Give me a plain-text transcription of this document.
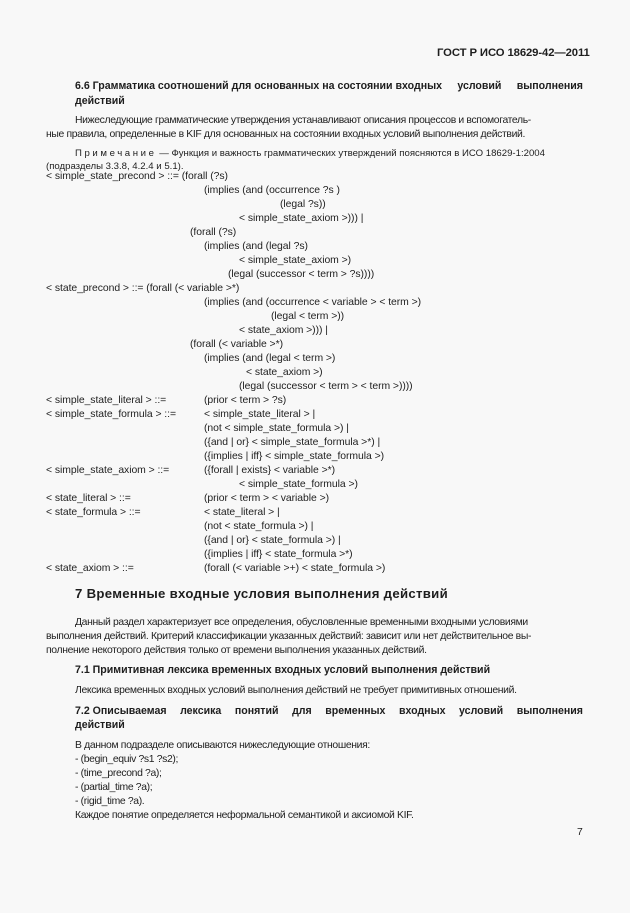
ГОСТ Р ИСО 18629-42—2011
6.6 Грамматика соотношений для основанных на состоянии входных условий выполнения
действий
Нижеследующие грамматические утверждения устанавливают описания процессов и вспомогатель-
ные правила, определенные в KIF для основанных на состоянии входных условий выполнения действий.
Примечание — Функция и важность грамматических утверждений поясняются в ИСО 18629-1:2004
(подразделы 3.3.8, 4.2.4 и 5.1).
< simple_state_precond > ::= (forall (?s)
(implies (and (occurrence ?s )
(legal ?s))
< simple_state_axiom >))) |
(forall (?s)
(implies (and (legal ?s)
< simple_state_axiom >)
(legal (successor < term > ?s))))
< state_precond > ::= (forall (< variable >*)
(implies (and (occurrence < variable > < term >)
(legal < term >))
< state_axiom >))) |
(forall (< variable >*)
(implies (and (legal < term >)
< state_axiom >)
(legal (successor < term > < term >))))
< simple_state_literal > ::=	(prior < term > ?s)
< simple_state_formula > ::=	< simple_state_literal > |
(not < simple_state_formula >) |
({and | or} < simple_state_formula >*) |
({implies | iff} < simple_state_formula >)
< simple_state_axiom > ::=	({forall | exists} < variable >*)
< simple_state_formula >)
< state_literal > ::=	(prior < term > < variable >)
< state_formula > ::=	< state_literal > |
(not < state_formula >) |
({and | or} < state_formula >) |
({implies | iff} < state_formula >*)
< state_axiom > ::=	(forall (< variable >+) < state_formula >)
7 Временные входные условия выполнения действий
Данный раздел характеризует все определения, обусловленные временными входными условиями
выполнения действий. Критерий классификации указанных действий: зависит или нет действительное вы-
полнение некоторого действия только от времени выполнения указанных действий.
7.1 Примитивная лексика временных входных условий выполнения действий
Лексика временных входных условий выполнения действий не требует примитивных отношений.
7.2 Описываемая лексика понятий для временных входных условий выполнения
действий
В данном подразделе описываются нижеследующие отношения:
- (begin_equiv ?s1 ?s2);
- (time_precond ?a);
- (partial_time ?a);
- (rigid_time ?a).
Каждое понятие определяется неформальной семантикой и аксиомой KIF.
7
